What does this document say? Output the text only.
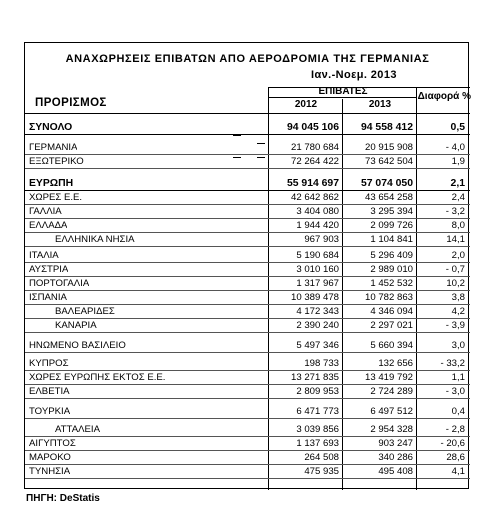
ΑΝΑΧΩΡΗΣΕΙΣ ΕΠΙΒΑΤΩΝ ΑΠΟ ΑΕΡΟΔΡΟΜΙΑ ΤΗΣ ΓΕΡΜΑΝΙΑΣ
Ιαν.-Νοεμ. 2013
ΠΡΟΡΙΣΜΟΣ
ΕΠΙΒΑΤΕΣ
2012	2013
Διαφορά %
ΣΥΝΟΛΟ	94 045 106	94 558 412	0,5
ΓΕΡΜΑΝΙΑ	21 780 684	20 915 908	- 4,0
ΕΞΩΤΕΡΙΚΟ	72 264 422	73 642 504	1,9
ΕΥΡΩΠΗ	55 914 697	57 074 050	2,1
ΧΩΡΕΣ Ε.Ε.	42 642 862	43 654 258	2,4
ΓΑΛΛΙΑ	3 404 080	3 295 394	- 3,2
ΕΛΛΑΔΑ	1 944 420	2 099 726	8,0
ΕΛΛΗΝΙΚΑ ΝΗΣΙΑ	967 903	1 104 841	14,1
ΙΤΑΛΙΑ	5 190 684	5 296 409	2,0
ΑΥΣΤΡΙΑ	3 010 160	2 989 010	- 0,7
ΠΟΡΤΟΓΑΛΙΑ	1 317 967	1 452 532	10,2
ΙΣΠΑΝΙΑ	10 389 478	10 782 863	3,8
ΒΑΛΕΑΡΙΔΕΣ	4 172 343	4 346 094	4,2
ΚΑΝΑΡΙΑ	2 390 240	2 297 021	- 3,9
ΗΝΩΜΕΝΟ ΒΑΣΙΛΕΙΟ	5 497 346	5 660 394	3,0
ΚΥΠΡΟΣ	198 733	132 656	- 33,2
ΧΩΡΕΣ ΕΥΡΩΠΗΣ ΕΚΤΟΣ Ε.Ε.	13 271 835	13 419 792	1,1
ΕΛΒΕΤΙΑ	2 809 953	2 724 289	- 3,0
ΤΟΥΡΚΙΑ	6 471 773	6 497 512	0,4
ΑΤΤΑΛΕΙΑ	3 039 856	2 954 328	- 2,8
ΑΙΓΥΠΤΟΣ	1 137 693	903 247	- 20,6
ΜΑΡΟΚΟ	264 508	340 286	28,6
ΤΥΝΗΣΙΑ	475 935	495 408	4,1
ΠΗΓΗ: DeStatis
